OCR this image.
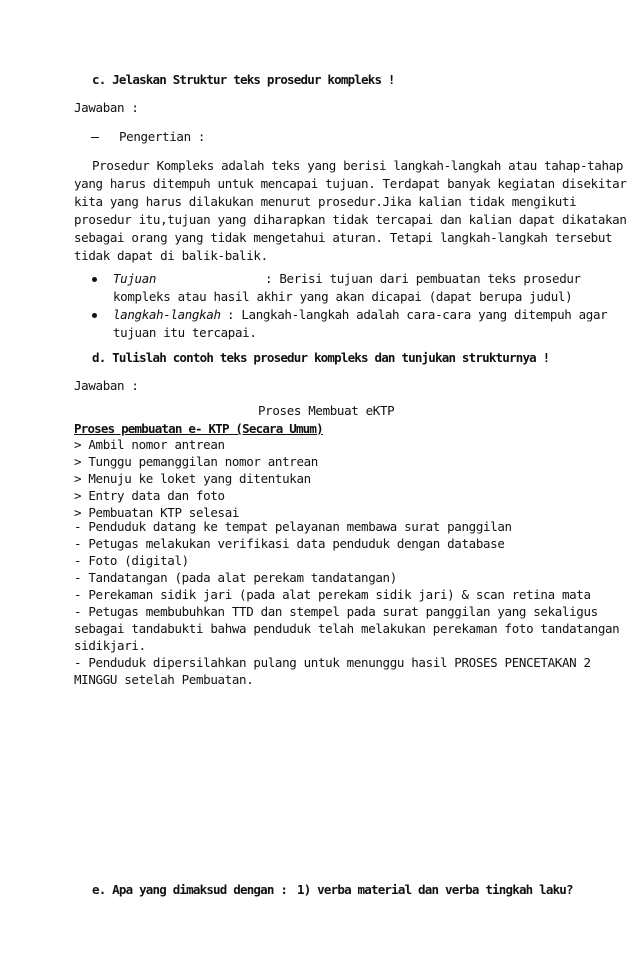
c. Jelaskan Struktur teks prosedur kompleks !
Jawaban :
Pengertian :
Prosedur Kompleks adalah teks yang berisi langkah-langkah atau tahap-tahap
yang harus ditempuh untuk mencapai tujuan. Terdapat banyak kegiatan disekitar
kita yang harus dilakukan menurut prosedur.Jika kalian tidak mengikuti
prosedur itu,tujuan yang diharapkan tidak tercapai dan kalian dapat dikatakan
sebagai orang yang tidak mengetahui aturan. Tetapi langkah-langkah tersebut
tidak dapat di balik-balik.
Tujuan	: Berisi tujuan dari pembuatan teks prosedur
kompleks atau hasil akhir yang akan dicapai (dapat berupa judul)
langkah-langkah : Langkah-langkah adalah cara-cara yang ditempuh agar
tujuan itu tercapai.
d. Tulislah contoh teks prosedur kompleks dan tunjukan strukturnya !
Jawaban :
Proses Membuat eKTP
Proses pembuatan e- KTP (Secara Umum)
> Ambil nomor antrean
> Tunggu pemanggilan nomor antrean
> Menuju ke loket yang ditentukan
> Entry data dan foto
> Pembuatan KTP selesai
- Penduduk datang ke tempat pelayanan membawa surat panggilan
- Petugas melakukan verifikasi data penduduk dengan database
- Foto (digital)
- Tandatangan (pada alat perekam tandatangan)
- Perekaman sidik jari (pada alat perekam sidik jari) & scan retina mata
- Petugas membubuhkan TTD dan stempel pada surat panggilan yang sekaligus
sebagai tandabukti bahwa penduduk telah melakukan perekaman foto tandatangan
sidikjari.
- Penduduk dipersilahkan pulang untuk menunggu hasil PROSES PENCETAKAN 2
MINGGU setelah Pembuatan.
e. Apa yang dimaksud dengan : 1) verba material dan verba tingkah laku?
